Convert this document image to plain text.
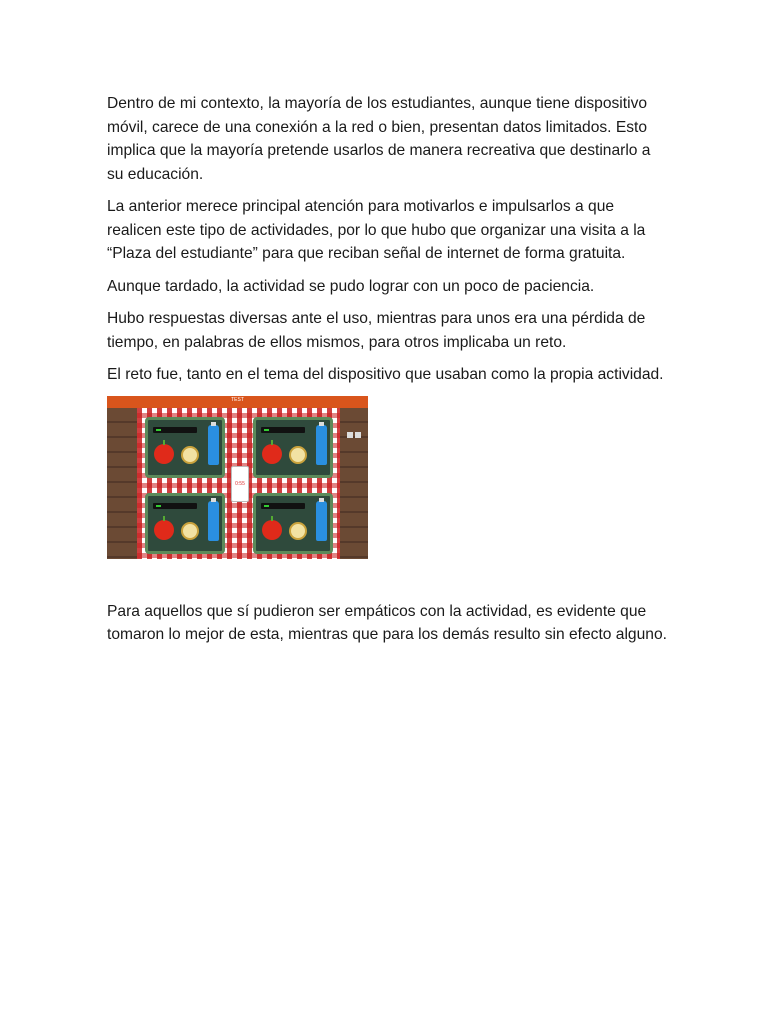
Dentro de mi contexto, la mayoría de los estudiantes, aunque tiene dispositivo móvil, carece de una conexión a la red o bien, presentan datos limitados. Esto implica que la mayoría pretende usarlos de manera recreativa que destinarlo a su educación.

La anterior merece principal atención para motivarlos e impulsarlos a que realicen este tipo de actividades, por lo que hubo que organizar una visita a la “Plaza del estudiante” para que reciban señal de internet de forma gratuita.

Aunque tardado, la actividad se pudo lograr con un poco de paciencia.

Hubo respuestas diversas ante el uso, mientras para unos era una pérdida de tiempo, en palabras de ellos mismos, para otros implicaba un reto.

El reto fue, tanto en el tema del dispositivo que usaban como la propia actividad.

TEST
0:55

Para aquellos que sí pudieron ser empáticos con la actividad, es evidente que tomaron lo mejor de esta, mientras que para los demás resulto sin efecto alguno.
